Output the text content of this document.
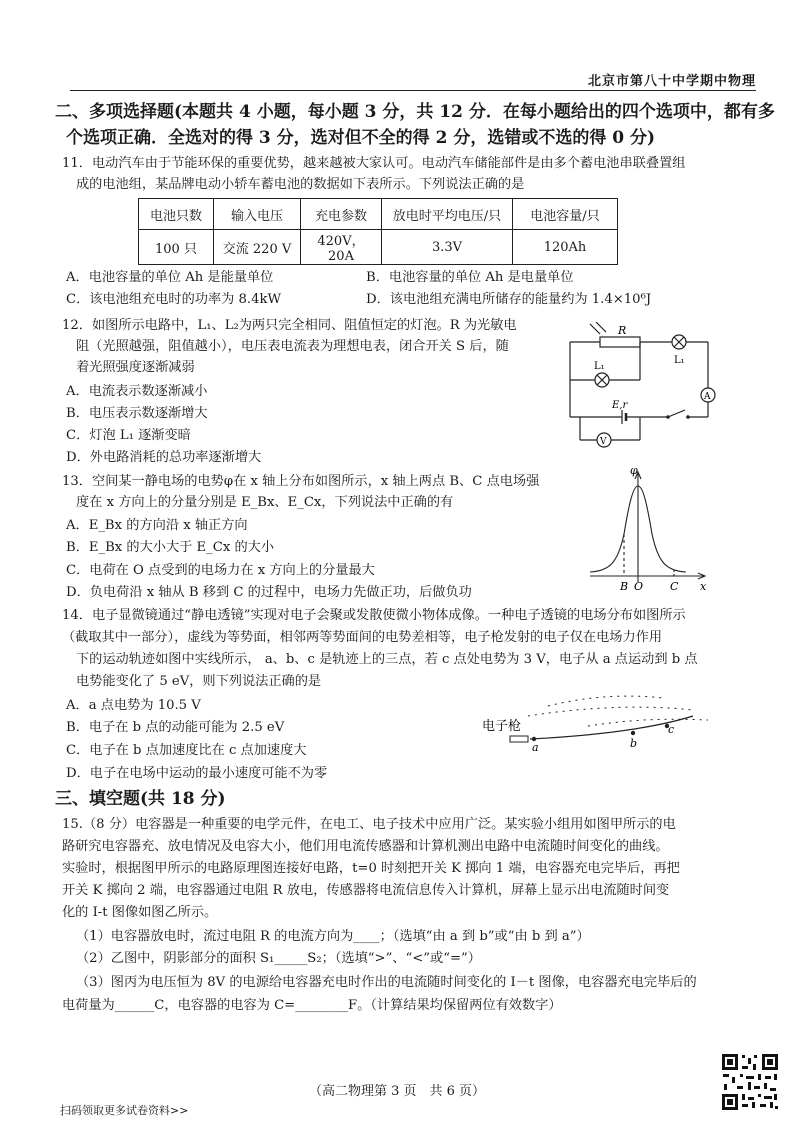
北京市第八十中学期中物理
二、多项选择题(本题共 4 小题，每小题 3 分，共 12 分．在每小题给出的四个选项中，都有多
个选项正确．全选对的得 3 分，选对但不全的得 2 分，选错或不选的得 0 分)
11．电动汽车由于节能环保的重要优势，越来越被大家认可。电动汽车储能部件是由多个蓄电池串联叠置组
成的电池组，某品牌电动小轿车蓄电池的数据如下表所示。下列说法正确的是
电池只数	输入电压	充电参数	放电时平均电压/只	电池容量/只
100 只	交流 220 V	420V，20A	3.3V	120Ah
A．电池容量的单位 Ah 是能量单位	B．电池容量的单位 Ah 是电量单位
C．该电池组充电时的功率为 8.4kW	D．该电池组充满电所储存的能量约为 1.4×10⁶J
12．如图所示电路中，L₁、L₂为两只完全相同、阻值恒定的灯泡。R 为光敏电
阻（光照越强，阻值越小），电压表电流表为理想电表，闭合开关 S 后，随
着光照强度逐渐减弱
A．电流表示数逐渐减小
B．电压表示数逐渐增大
C．灯泡 L₁ 逐渐变暗
D．外电路消耗的总功率逐渐增大
R
L₁
L₁
A
V
E,r
13．空间某一静电场的电势φ在 x 轴上分布如图所示，x 轴上两点 B、C 点电场强
度在 x 方向上的分量分别是 E_Bx、E_Cx，下列说法中正确的有
A．E_Bx 的方向沿 x 轴正方向
B．E_Bx 的大小大于 E_Cx 的大小
C．电荷在 O 点受到的电场力在 x 方向上的分量最大
D．负电荷沿 x 轴从 B 移到 C 的过程中，电场力先做正功，后做负功
φ
B O C x
14．电子显微镜通过“静电透镜”实现对电子会聚或发散使微小物体成像。一种电子透镜的电场分布如图所示
（截取其中一部分），虚线为等势面，相邻两等势面间的电势差相等，电子枪发射的电子仅在电场力作用
下的运动轨迹如图中实线所示， a、b、c 是轨迹上的三点，若 c 点处电势为 3 V，电子从 a 点运动到 b 点
电势能变化了 5 eV，则下列说法正确的是
A．a 点电势为 10.5 V
B．电子在 b 点的动能可能为 2.5 eV
C．电子在 b 点加速度比在 c 点加速度大
D．电子在电场中运动的最小速度可能不为零
电子枪
a	b
c
三、填空题(共 18 分)
15.（8 分）电容器是一种重要的电学元件，在电工、电子技术中应用广泛。某实验小组用如图甲所示的电
路研究电容器充、放电情况及电容大小，他们用电流传感器和计算机测出电路中电流随时间变化的曲线。
实验时，根据图甲所示的电路原理图连接好电路，t=0 时刻把开关 K 掷向 1 端，电容器充电完毕后，再把
开关 K 掷向 2 端，电容器通过电阻 R 放电，传感器将电流信息传入计算机，屏幕上显示出电流随时间变
化的 I-t 图像如图乙所示。
（1）电容器放电时，流过电阻 R 的电流方向为____；（选填“由 a 到 b”或“由 b 到 a”）
（2）乙图中，阴影部分的面积 S₁_____S₂；（选填“>”、“<”或“=”）
（3）图丙为电压恒为 8V 的电源给电容器充电时作出的电流随时间变化的 I－t 图像，电容器充电完毕后的
电荷量为______C，电容器的电容为 C=________F。（计算结果均保留两位有效数字）
（高二物理第 3 页　共 6 页）
扫码领取更多试卷资料>>
